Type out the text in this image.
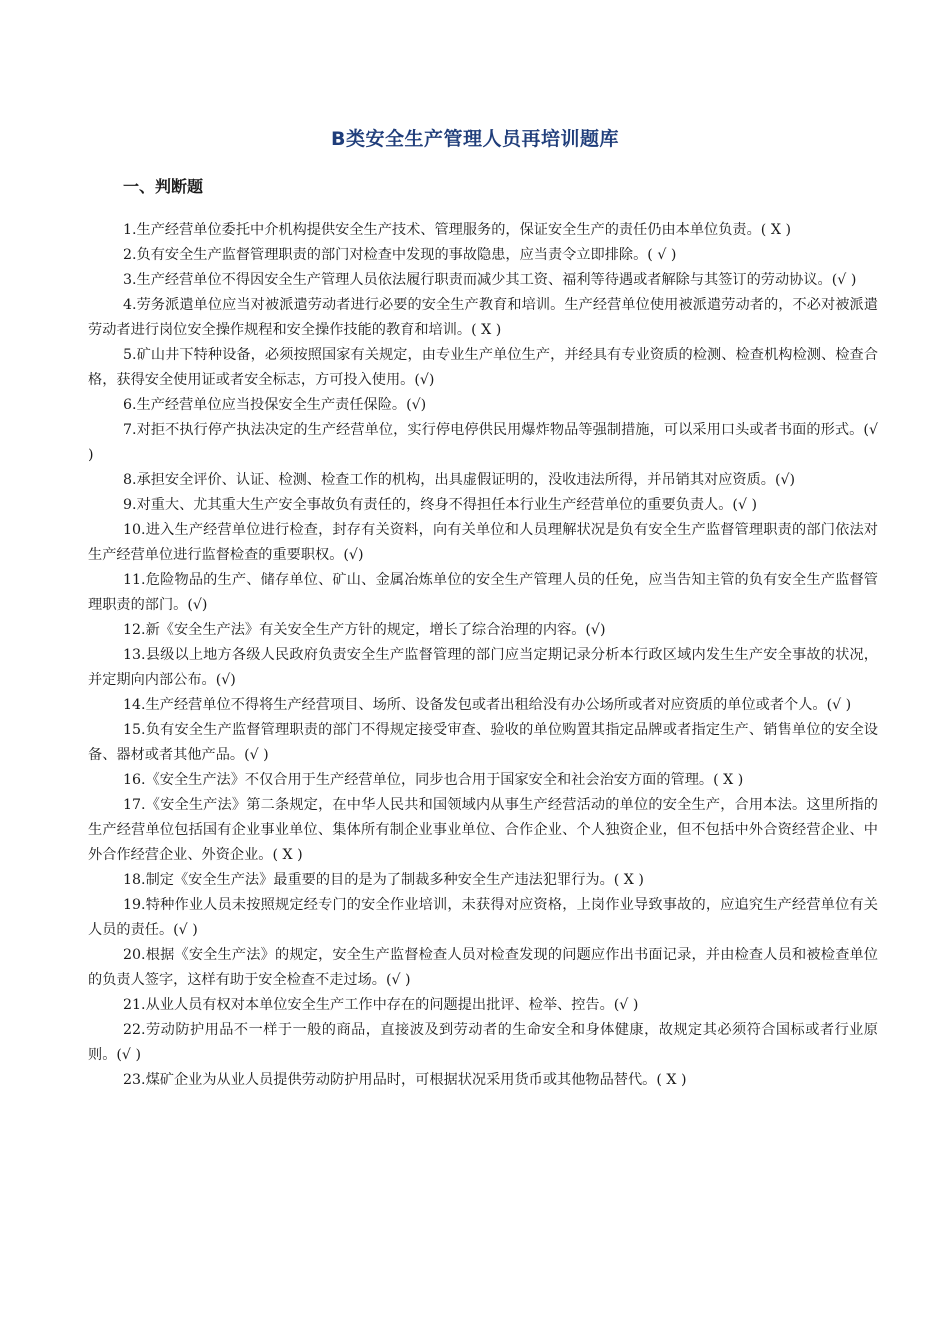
B类安全生产管理人员再培训题库
一、判断题

1.生产经营单位委托中介机构提供安全生产技术、管理服务的，保证安全生产的责任仍由本单位负责。( X )

2.负有安全生产监督管理职责的部门对检查中发现的事故隐患，应当责令立即排除。( √ )

3.生产经营单位不得因安全生产管理人员依法履行职责而减少其工资、福利等待遇或者解除与其签订的劳动协议。(√ )

4.劳务派遣单位应当对被派遣劳动者进行必要的安全生产教育和培训。生产经营单位使用被派遣劳动者的，不必对被派遣劳动者进行岗位安全操作规程和安全操作技能的教育和培训。( X )

5.矿山井下特种设备，必须按照国家有关规定，由专业生产单位生产，并经具有专业资质的检测、检查机构检测、检查合格，获得安全使用证或者安全标志，方可投入使用。(√)

6.生产经营单位应当投保安全生产责任保险。(√)

7.对拒不执行停产执法决定的生产经营单位，实行停电停供民用爆炸物品等强制措施，可以采用口头或者书面的形式。(√ )

8.承担安全评价、认证、检测、检查工作的机构，出具虚假证明的，没收违法所得，并吊销其对应资质。(√)

9.对重大、尤其重大生产安全事故负有责任的，终身不得担任本行业生产经营单位的重要负责人。(√ )

10.进入生产经营单位进行检查，封存有关资料，向有关单位和人员理解状况是负有安全生产监督管理职责的部门依法对生产经营单位进行监督检查的重要职权。(√)

11.危险物品的生产、储存单位、矿山、金属冶炼单位的安全生产管理人员的任免，应当告知主管的负有安全生产监督管理职责的部门。(√)

12.新《安全生产法》有关安全生产方针的规定，增长了综合治理的内容。(√)

13.县级以上地方各级人民政府负责安全生产监督管理的部门应当定期记录分析本行政区域内发生生产安全事故的状况，并定期向内部公布。(√)

14.生产经营单位不得将生产经营项目、场所、设备发包或者出租给没有办公场所或者对应资质的单位或者个人。(√ )

15.负有安全生产监督管理职责的部门不得规定接受审查、验收的单位购置其指定品牌或者指定生产、销售单位的安全设备、器材或者其他产品。(√ )

16.《安全生产法》不仅合用于生产经营单位，同步也合用于国家安全和社会治安方面的管理。( X )

17.《安全生产法》第二条规定，在中华人民共和国领域内从事生产经营活动的单位的安全生产，合用本法。这里所指的生产经营单位包括国有企业事业单位、集体所有制企业事业单位、合作企业、个人独资企业，但不包括中外合资经营企业、中外合作经营企业、外资企业。( X )

18.制定《安全生产法》最重要的目的是为了制裁多种安全生产违法犯罪行为。( X )

19.特种作业人员未按照规定经专门的安全作业培训，未获得对应资格，上岗作业导致事故的，应追究生产经营单位有关人员的责任。(√ )

20.根据《安全生产法》的规定，安全生产监督检查人员对检查发现的问题应作出书面记录，并由检查人员和被检查单位的负责人签字，这样有助于安全检查不走过场。(√ )

21.从业人员有权对本单位安全生产工作中存在的问题提出批评、检举、控告。(√ )

22.劳动防护用品不一样于一般的商品，直接波及到劳动者的生命安全和身体健康，故规定其必须符合国标或者行业原则。(√ )

23.煤矿企业为从业人员提供劳动防护用品时，可根据状况采用货币或其他物品替代。( X )
